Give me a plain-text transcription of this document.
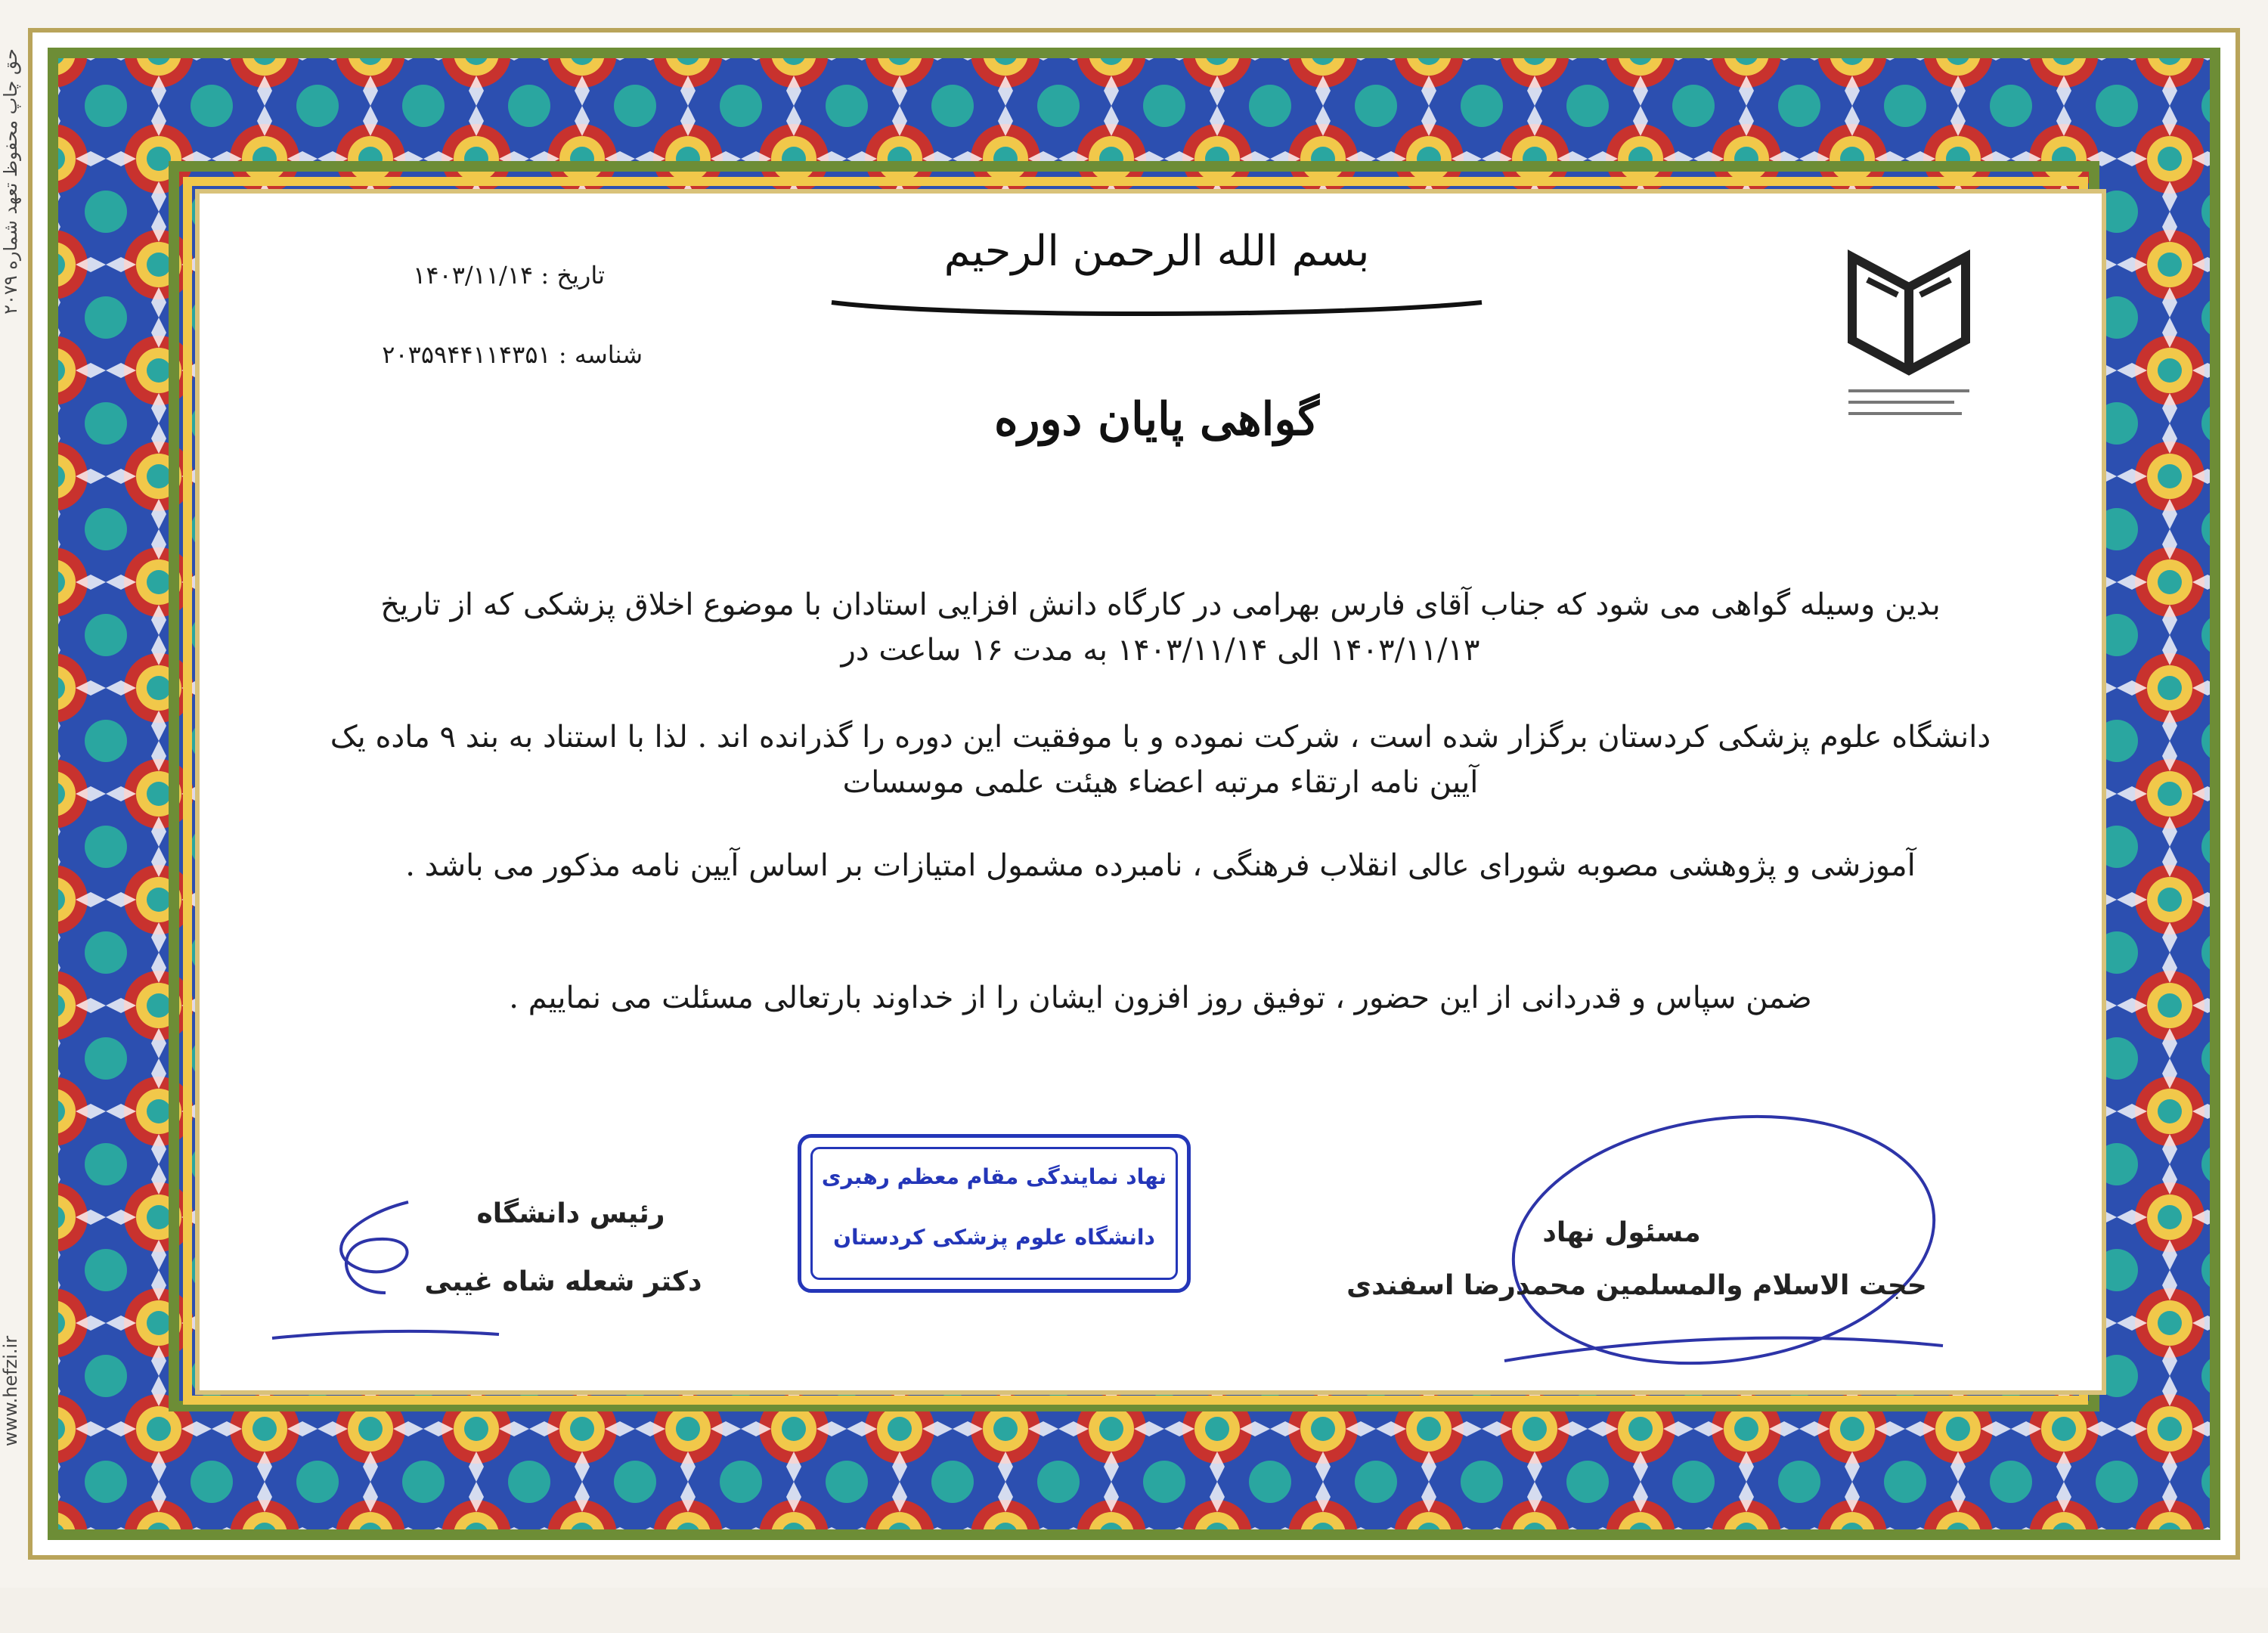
بسم الله الرحمن الرحیم
تاریخ : ۱۴۰۳/۱۱/۱۴
شناسه : ۲۰۳۵۹۴۴۱۱۴۳۵۱
گواهی پایان دوره
بدین وسیله گواهی می شود که جناب آقای فارس بهرامی در کارگاه دانش افزایی استادان با موضوع اخلاق پزشکی که از تاریخ ۱۴۰۳/۱۱/۱۳ الی ۱۴۰۳/۱۱/۱۴ به مدت ۱۶ ساعت در
دانشگاه علوم پزشکی کردستان برگزار شده است ، شرکت نموده و با موفقیت این دوره را گذرانده اند . لذا با استناد به بند ۹ ماده یک آیین نامه ارتقاء مرتبه اعضاء هیئت علمی موسسات
آموزشی و پژوهشی مصوبه شورای عالی انقلاب فرهنگی ، نامبرده مشمول امتیازات بر اساس آیین نامه مذکور می باشد .
ضمن سپاس و قدردانی از این حضور ، توفیق روز افزون ایشان را از خداوند بارتعالی مسئلت می نماییم .
نهاد نمایندگی مقام معظم رهبری
دانشگاه علوم پزشکی کردستان	مسئول نهاد
حجت الاسلام والمسلمین محمدرضا اسفندی
رئیس دانشگاه
دکتر شعله شاه غیبی
حق چاپ محفوظ تعهد شماره ۲۰۷۹
www.hefzi.ir
